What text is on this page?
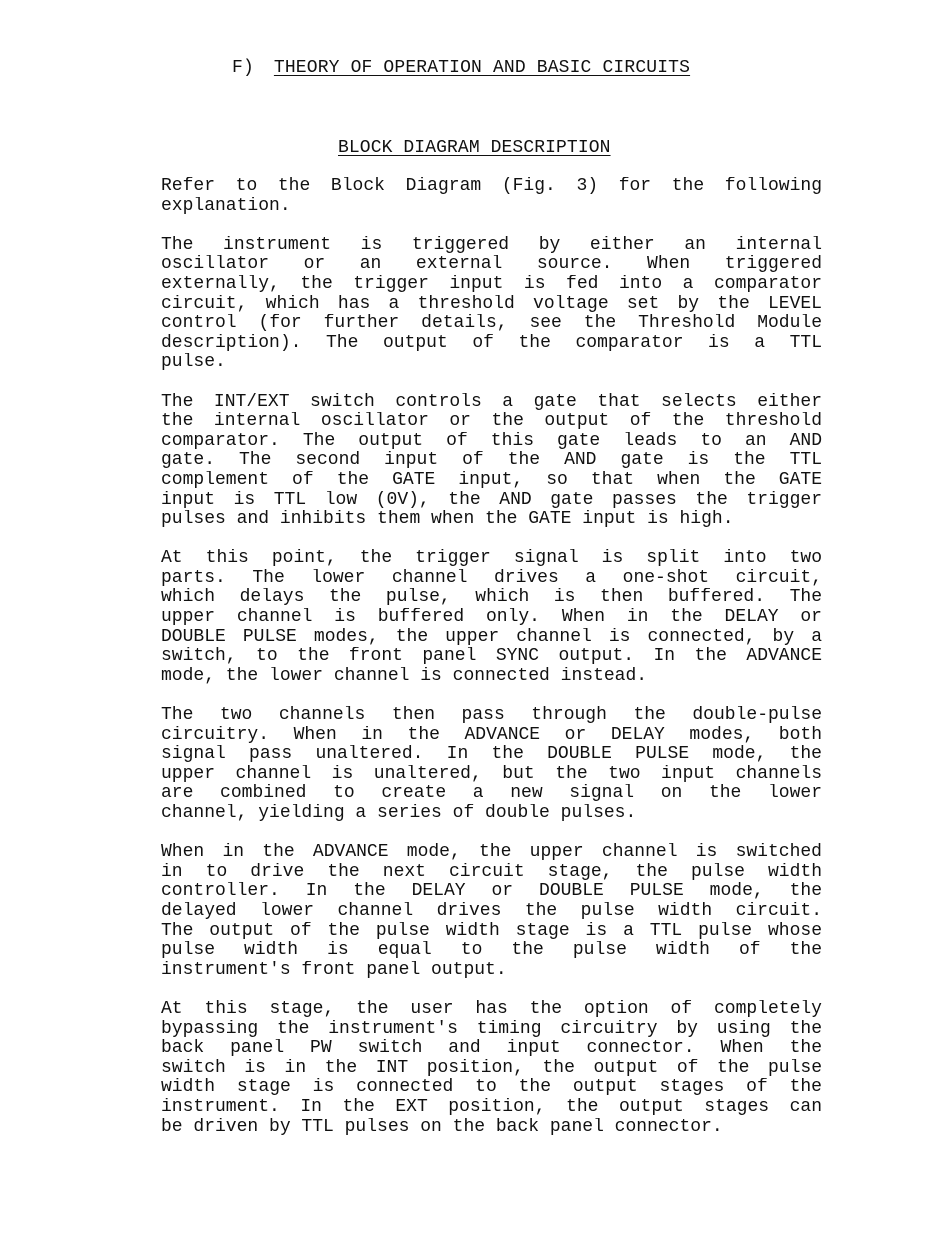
F) THEORY OF OPERATION AND BASIC CIRCUITS
BLOCK DIAGRAM DESCRIPTION
Refer to the Block Diagram (Fig. 3) for the following
explanation.
The instrument is triggered by either an internal
oscillator or an external source. When triggered
externally, the trigger input is fed into a comparator
circuit, which has a threshold voltage set by the LEVEL
control (for further details, see the Threshold Module
description). The output of the comparator is a TTL
pulse.
The INT/EXT switch controls a gate that selects either
the internal oscillator or the output of the threshold
comparator. The output of this gate leads to an AND
gate. The second input of the AND gate is the TTL
complement of the GATE input, so that when the GATE
input is TTL low (0V), the AND gate passes the trigger
pulses and inhibits them when the GATE input is high.
At this point, the trigger signal is split into two
parts. The lower channel drives a one-shot circuit,
which delays the pulse, which is then buffered. The
upper channel is buffered only. When in the DELAY or
DOUBLE PULSE modes, the upper channel is connected, by a
switch, to the front panel SYNC output. In the ADVANCE
mode, the lower channel is connected instead.
The two channels then pass through the double-pulse
circuitry. When in the ADVANCE or DELAY modes, both
signal pass unaltered. In the DOUBLE PULSE mode, the
upper channel is unaltered, but the two input channels
are combined to create a new signal on the lower
channel, yielding a series of double pulses.
When in the ADVANCE mode, the upper channel is switched
in to drive the next circuit stage, the pulse width
controller. In the DELAY or DOUBLE PULSE mode, the
delayed lower channel drives the pulse width circuit.
The output of the pulse width stage is a TTL pulse whose
pulse width is equal to the pulse width of the
instrument's front panel output.
At this stage, the user has the option of completely
bypassing the instrument's timing circuitry by using the
back panel PW switch and input connector. When the
switch is in the INT position, the output of the pulse
width stage is connected to the output stages of the
instrument. In the EXT position, the output stages can
be driven by TTL pulses on the back panel connector.
